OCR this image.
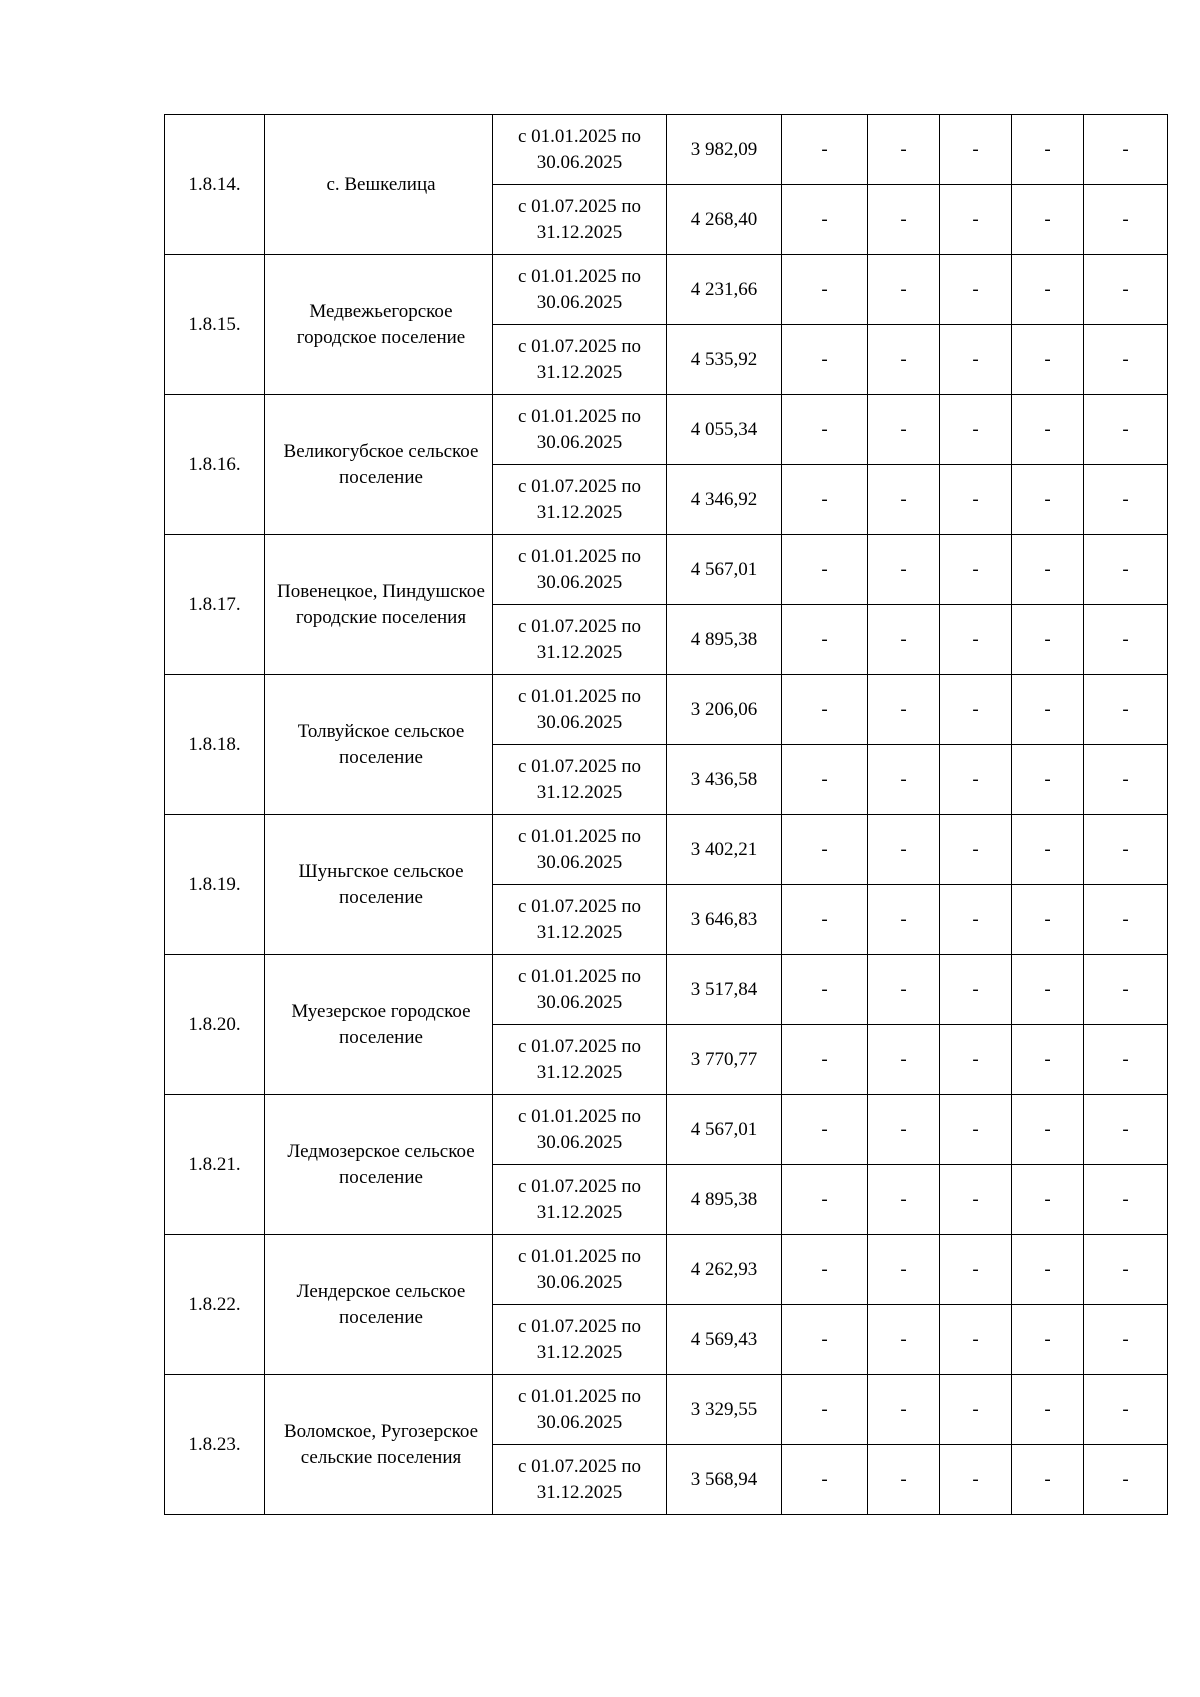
1.8.14.	с. Вешкелица	с 01.01.2025 по 30.06.2025	3 982,09	-	-	-	-	-
		с 01.07.2025 по 31.12.2025	4 268,40	-	-	-	-	-
1.8.15.	Медвежьегорское городское поселение	с 01.01.2025 по 30.06.2025	4 231,66	-	-	-	-	-
		с 01.07.2025 по 31.12.2025	4 535,92	-	-	-	-	-
1.8.16.	Великогубское сельское поселение	с 01.01.2025 по 30.06.2025	4 055,34	-	-	-	-	-
		с 01.07.2025 по 31.12.2025	4 346,92	-	-	-	-	-
1.8.17.	Повенецкое, Пиндушское городские поселения	с 01.01.2025 по 30.06.2025	4 567,01	-	-	-	-	-
		с 01.07.2025 по 31.12.2025	4 895,38	-	-	-	-	-
1.8.18.	Толвуйское сельское поселение	с 01.01.2025 по 30.06.2025	3 206,06	-	-	-	-	-
		с 01.07.2025 по 31.12.2025	3 436,58	-	-	-	-	-
1.8.19.	Шуньгское сельское поселение	с 01.01.2025 по 30.06.2025	3 402,21	-	-	-	-	-
		с 01.07.2025 по 31.12.2025	3 646,83	-	-	-	-	-
1.8.20.	Муезерское городское поселение	с 01.01.2025 по 30.06.2025	3 517,84	-	-	-	-	-
		с 01.07.2025 по 31.12.2025	3 770,77	-	-	-	-	-
1.8.21.	Ледмозерское сельское поселение	с 01.01.2025 по 30.06.2025	4 567,01	-	-	-	-	-
		с 01.07.2025 по 31.12.2025	4 895,38	-	-	-	-	-
1.8.22.	Лендерское сельское поселение	с 01.01.2025 по 30.06.2025	4 262,93	-	-	-	-	-
		с 01.07.2025 по 31.12.2025	4 569,43	-	-	-	-	-
1.8.23.	Воломское, Ругозерское сельские поселения	с 01.01.2025 по 30.06.2025	3 329,55	-	-	-	-	-
		с 01.07.2025 по 31.12.2025	3 568,94	-	-	-	-	-
